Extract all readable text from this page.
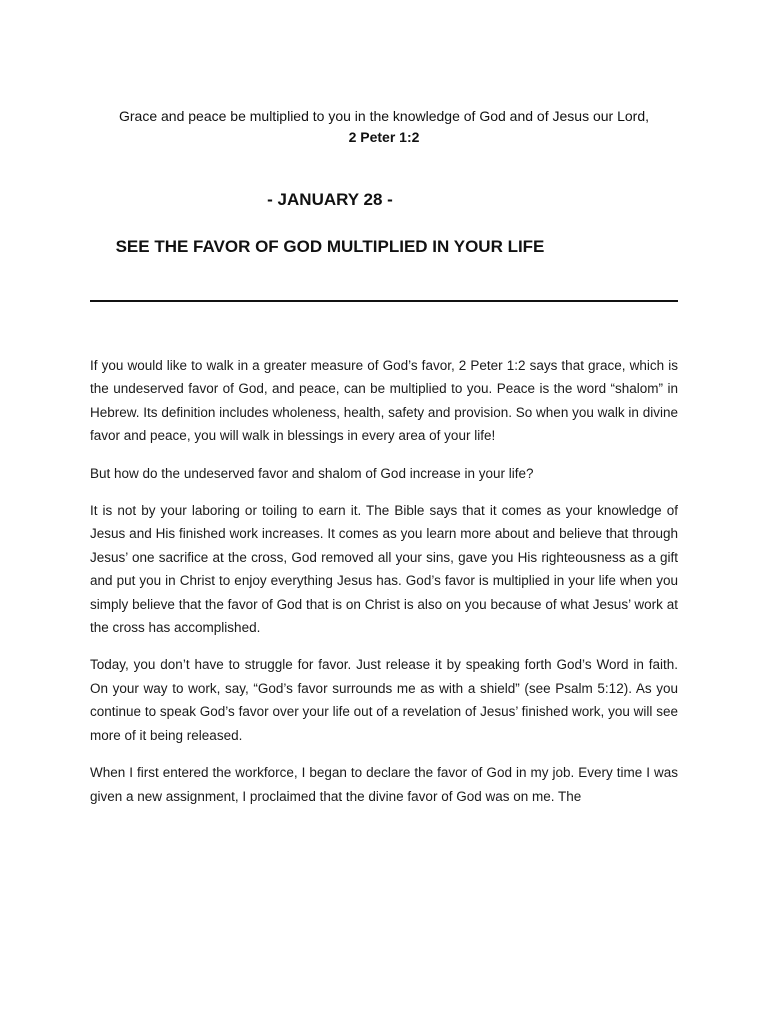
Grace and peace be multiplied to you in the knowledge of God and of Jesus our Lord,
2 Peter 1:2
- JANUARY 28 -
SEE THE FAVOR OF GOD MULTIPLIED IN YOUR LIFE

If you would like to walk in a greater measure of God’s favor, 2 Peter 1:2 says that grace, which is the undeserved favor of God, and peace, can be multiplied to you. Peace is the word “shalom” in Hebrew. Its definition includes wholeness, health, safety and provision. So when you walk in divine favor and peace, you will walk in blessings in every area of your life!

But how do the undeserved favor and shalom of God increase in your life?

It is not by your laboring or toiling to earn it. The Bible says that it comes as your knowledge of Jesus and His finished work increases. It comes as you learn more about and believe that through Jesus’ one sacrifice at the cross, God removed all your sins, gave you His righteousness as a gift and put you in Christ to enjoy everything Jesus has. God’s favor is multiplied in your life when you simply believe that the favor of God that is on Christ is also on you because of what Jesus’ work at the cross has accomplished.

Today, you don’t have to struggle for favor. Just release it by speaking forth God’s Word in faith. On your way to work, say, “God’s favor surrounds me as with a shield” (see Psalm 5:12). As you continue to speak God’s favor over your life out of a revelation of Jesus’ finished work, you will see more of it being released.

When I first entered the workforce, I began to declare the favor of God in my job. Every time I was given a new assignment, I proclaimed that the divine favor of God was on me. The
